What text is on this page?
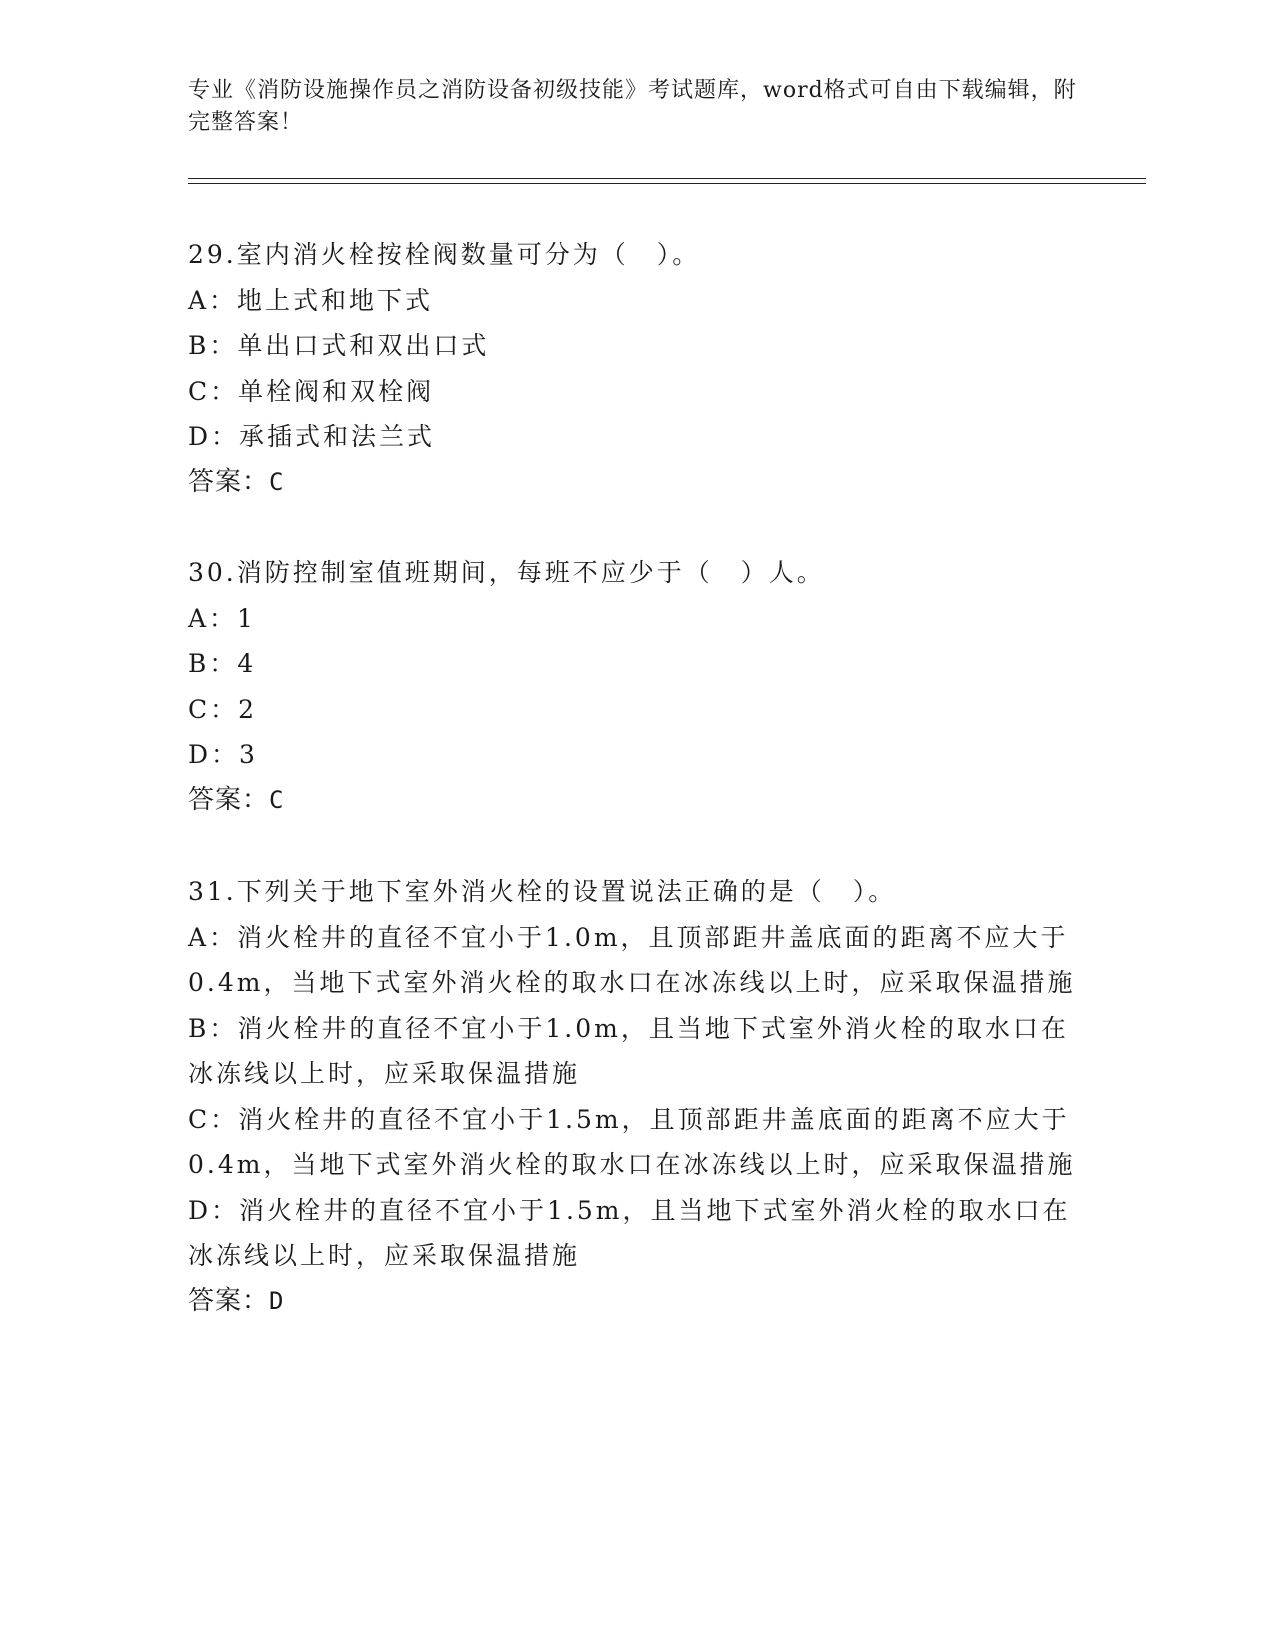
专业《消防设施操作员之消防设备初级技能》考试题库，word格式可自由下载编辑，附完整答案！
29.室内消火栓按栓阀数量可分为（　）。
A：地上式和地下式
B：单出口式和双出口式
C：单栓阀和双栓阀
D：承插式和法兰式
答案：C
30.消防控制室值班期间，每班不应少于（　）人。
A：1
B：4
C：2
D：3
答案：C
31.下列关于地下室外消火栓的设置说法正确的是（　）。
A：消火栓井的直径不宜小于1.0m，且顶部距井盖底面的距离不应大于0.4m，当地下式室外消火栓的取水口在冰冻线以上时，应采取保温措施
B：消火栓井的直径不宜小于1.0m，且当地下式室外消火栓的取水口在冰冻线以上时，应采取保温措施
C：消火栓井的直径不宜小于1.5m，且顶部距井盖底面的距离不应大于0.4m，当地下式室外消火栓的取水口在冰冻线以上时，应采取保温措施
D：消火栓井的直径不宜小于1.5m，且当地下式室外消火栓的取水口在冰冻线以上时，应采取保温措施
答案：D
